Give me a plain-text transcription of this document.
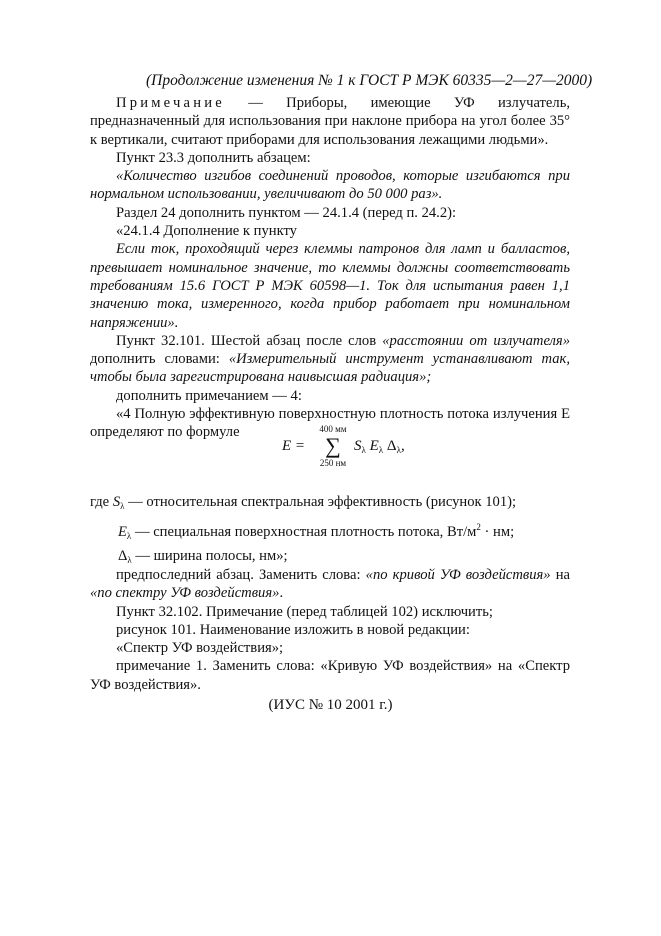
(Продолжение изменения № 1 к ГОСТ Р МЭК 60335—2—27—2000)

Примечание — Приборы, имеющие УФ излучатель, предназначенный для использования при наклоне прибора на угол более 35° к вертикали, считают приборами для использования лежащими людьми».

Пункт 23.3 дополнить абзацем:

«Количество изгибов соединений проводов, которые изгибаются при нормальном использовании, увеличивают до 50 000 раз».

Раздел 24 дополнить пунктом — 24.1.4 (перед п. 24.2):

«24.1.4 Дополнение к пункту

Если ток, проходящий через клеммы патронов для ламп и балластов, превышает номинальное значение, то клеммы должны соответствовать требованиям 15.6 ГОСТ Р МЭК 60598—1. Ток для испытания равен 1,1 значению тока, измеренного, когда прибор работает при номинальном напряжении».

Пункт 32.101. Шестой абзац после слов «расстоянии от излучателя» дополнить словами: «Измерительный инструмент устанавливают так, чтобы была зарегистрирована наивысшая радиация»;

дополнить примечанием — 4:

«4 Полную эффективную поверхностную плотность потока излучения E определяют по формуле

E =
400 мм
∑
250 нм
$S_\lambda$ $E_\lambda$ $\Delta_\lambda$,
где $S_\lambda$ — относительная спектральная эффективность (рисунок 101);
$E_\lambda$ — специальная поверхностная плотность потока, $Вт/м^2$ · нм;
$\Delta_\lambda$ — ширина полосы, нм»;

предпоследний абзац. Заменить слова: «по кривой УФ воздействия» на «по спектру УФ воздействия».

Пункт 32.102. Примечание (перед таблицей 102) исключить;

рисунок 101. Наименование изложить в новой редакции:

«Спектр УФ воздействия»;

примечание 1. Заменить слова: «Кривую УФ воздействия» на «Спектр УФ воздействия».

(ИУС № 10 2001 г.)
